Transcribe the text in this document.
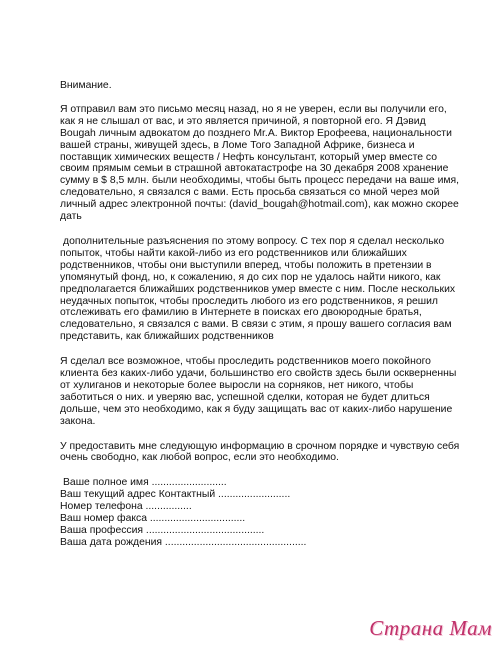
Внимание.

Я отправил вам это письмо месяц назад, но я не уверен, если вы получили его, как я не слышал от вас, и это является причиной, я повторной его. Я Дэвид Bougah личным адвокатом до позднего Mr.А. Виктор Ерофеева, национальности вашей страны, живущей здесь, в Ломе Того Западной Африке, бизнеса и поставщик химических веществ / Нефть консультант, который умер вместе со своим прямым семьи в страшной автокатастрофе на 30 декабря 2008 хранение сумму в $ 8,5 млн. были необходимы, чтобы быть процесс передачи на ваше имя, следовательно, я связался с вами. Есть просьба связаться со мной через мой личный адрес электронной почты: (david_bougah@hotmail.com), как можно скорее дать

дополнительные разъяснения по этому вопросу. С тех пор я сделал несколько попыток, чтобы найти какой-либо из его родственников или ближайших родственников, чтобы они выступили вперед, чтобы положить в претензии в упомянутый фонд, но, к сожалению, я до сих пор не удалось найти никого, как предполагается ближайших родственников умер вместе с ним. После нескольких неудачных попыток, чтобы проследить любого из его родственников, я решил отслеживать его фамилию в Интернете в поисках его двоюродные братья, следовательно, я связался с вами. В связи с этим, я прошу вашего согласия вам представить, как ближайших родственников

Я сделал все возможное, чтобы проследить родственников моего покойного клиента без каких-либо удачи, большинство его свойств здесь были оскверненны от хулиганов и некоторые более выросли на сорняков, нет никого, чтобы заботиться о них. и уверяю вас, успешной сделки, которая не будет длиться дольше, чем это необходимо, как я буду защищать вас от каких-либо нарушение закона.

У предоставить мне следующую информацию в срочном порядке и чувствую себя очень свободно, как любой вопрос, если это необходимо.

Ваше полное имя ..........................
Ваш текущий адрес Контактный .........................
Номер телефона ................
Ваш номер факса .................................
Ваша профессия .........................................
Ваша дата рождения .................................................
Страна Мам
